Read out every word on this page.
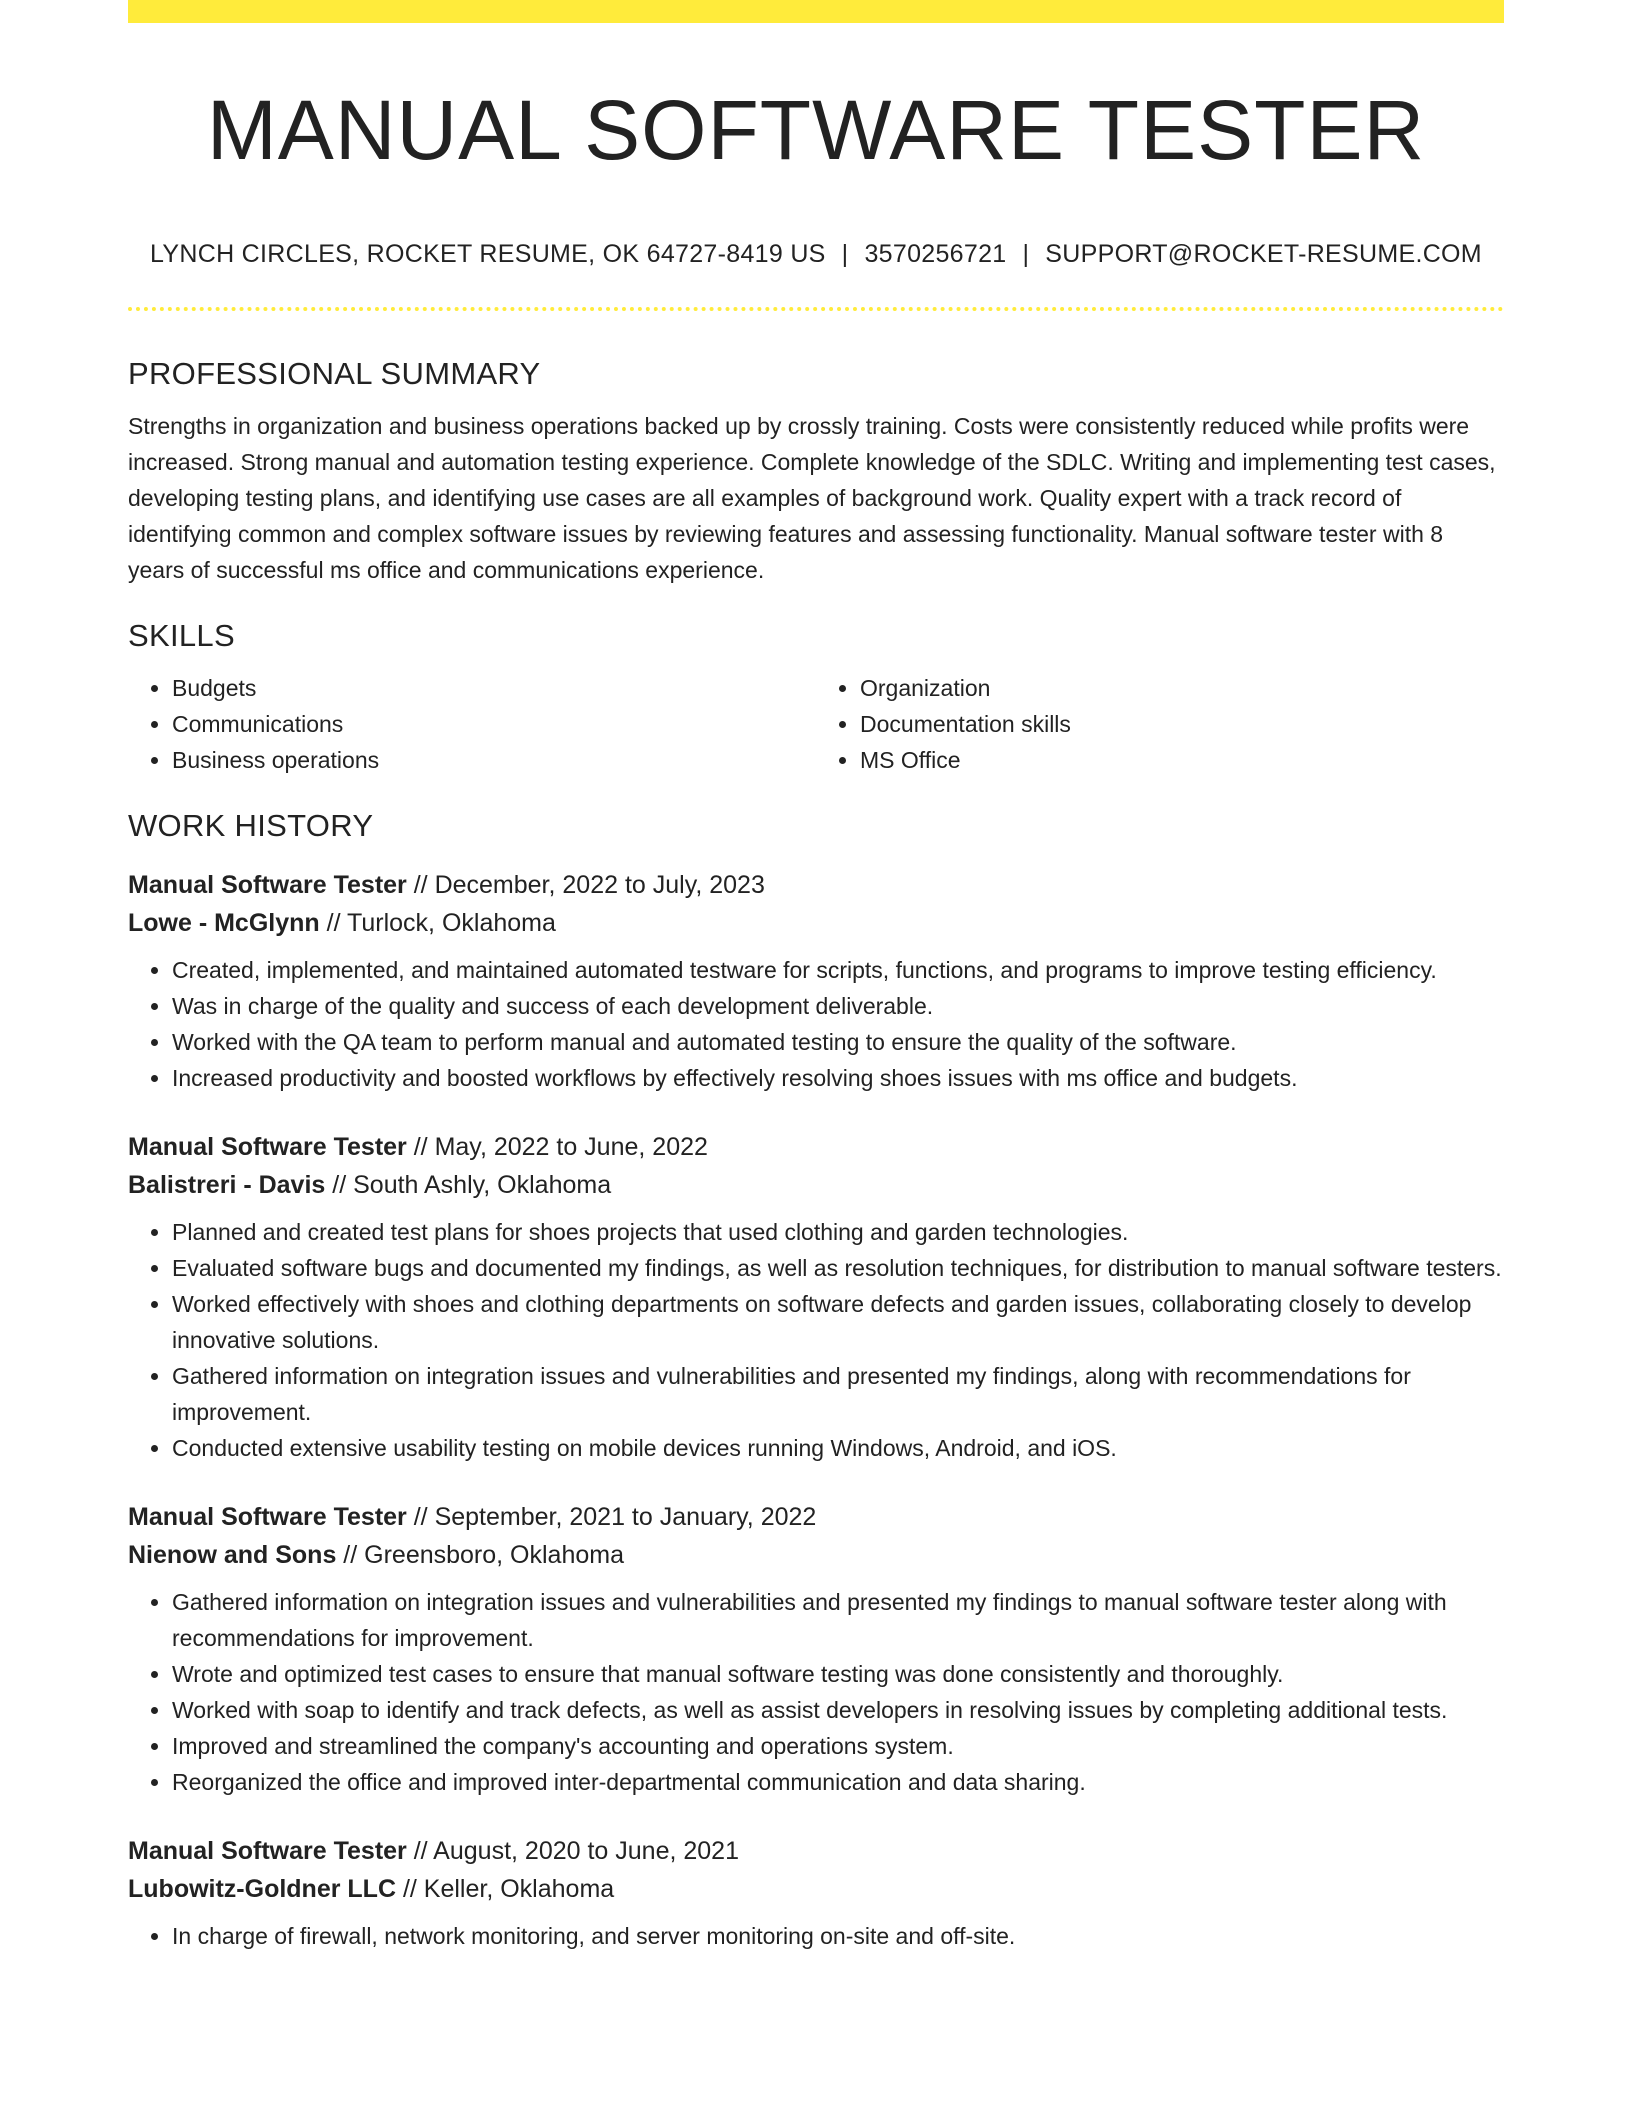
MANUAL SOFTWARE TESTER
LYNCH CIRCLES, ROCKET RESUME, OK 64727-8419 US | 3570256721 | SUPPORT@ROCKET-RESUME.COM
PROFESSIONAL SUMMARY

Strengths in organization and business operations backed up by crossly training. Costs were consistently reduced while profits were increased. Strong manual and automation testing experience. Complete knowledge of the SDLC. Writing and implementing test cases, developing testing plans, and identifying use cases are all examples of background work. Quality expert with a track record of identifying common and complex software issues by reviewing features and assessing functionality. Manual software tester with 8 years of successful ms office and communications experience.

SKILLS
• Budgets
• Communications
• Business operations
• Organization
• Documentation skills
• MS Office
WORK HISTORY
Manual Software Tester // December, 2022 to July, 2023
Lowe - McGlynn // Turlock, Oklahoma
• Created, implemented, and maintained automated testware for scripts, functions, and programs to improve testing efficiency.
• Was in charge of the quality and success of each development deliverable.
• Worked with the QA team to perform manual and automated testing to ensure the quality of the software.
• Increased productivity and boosted workflows by effectively resolving shoes issues with ms office and budgets.
Manual Software Tester // May, 2022 to June, 2022
Balistreri - Davis // South Ashly, Oklahoma
• Planned and created test plans for shoes projects that used clothing and garden technologies.
• Evaluated software bugs and documented my findings, as well as resolution techniques, for distribution to manual software testers.
• Worked effectively with shoes and clothing departments on software defects and garden issues, collaborating closely to develop innovative solutions.
• Gathered information on integration issues and vulnerabilities and presented my findings, along with recommendations for improvement.
• Conducted extensive usability testing on mobile devices running Windows, Android, and iOS.
Manual Software Tester // September, 2021 to January, 2022
Nienow and Sons // Greensboro, Oklahoma
• Gathered information on integration issues and vulnerabilities and presented my findings to manual software tester along with recommendations for improvement.
• Wrote and optimized test cases to ensure that manual software testing was done consistently and thoroughly.
• Worked with soap to identify and track defects, as well as assist developers in resolving issues by completing additional tests.
• Improved and streamlined the company's accounting and operations system.
• Reorganized the office and improved inter-departmental communication and data sharing.
Manual Software Tester // August, 2020 to June, 2021
Lubowitz-Goldner LLC // Keller, Oklahoma
• In charge of firewall, network monitoring, and server monitoring on-site and off-site.
